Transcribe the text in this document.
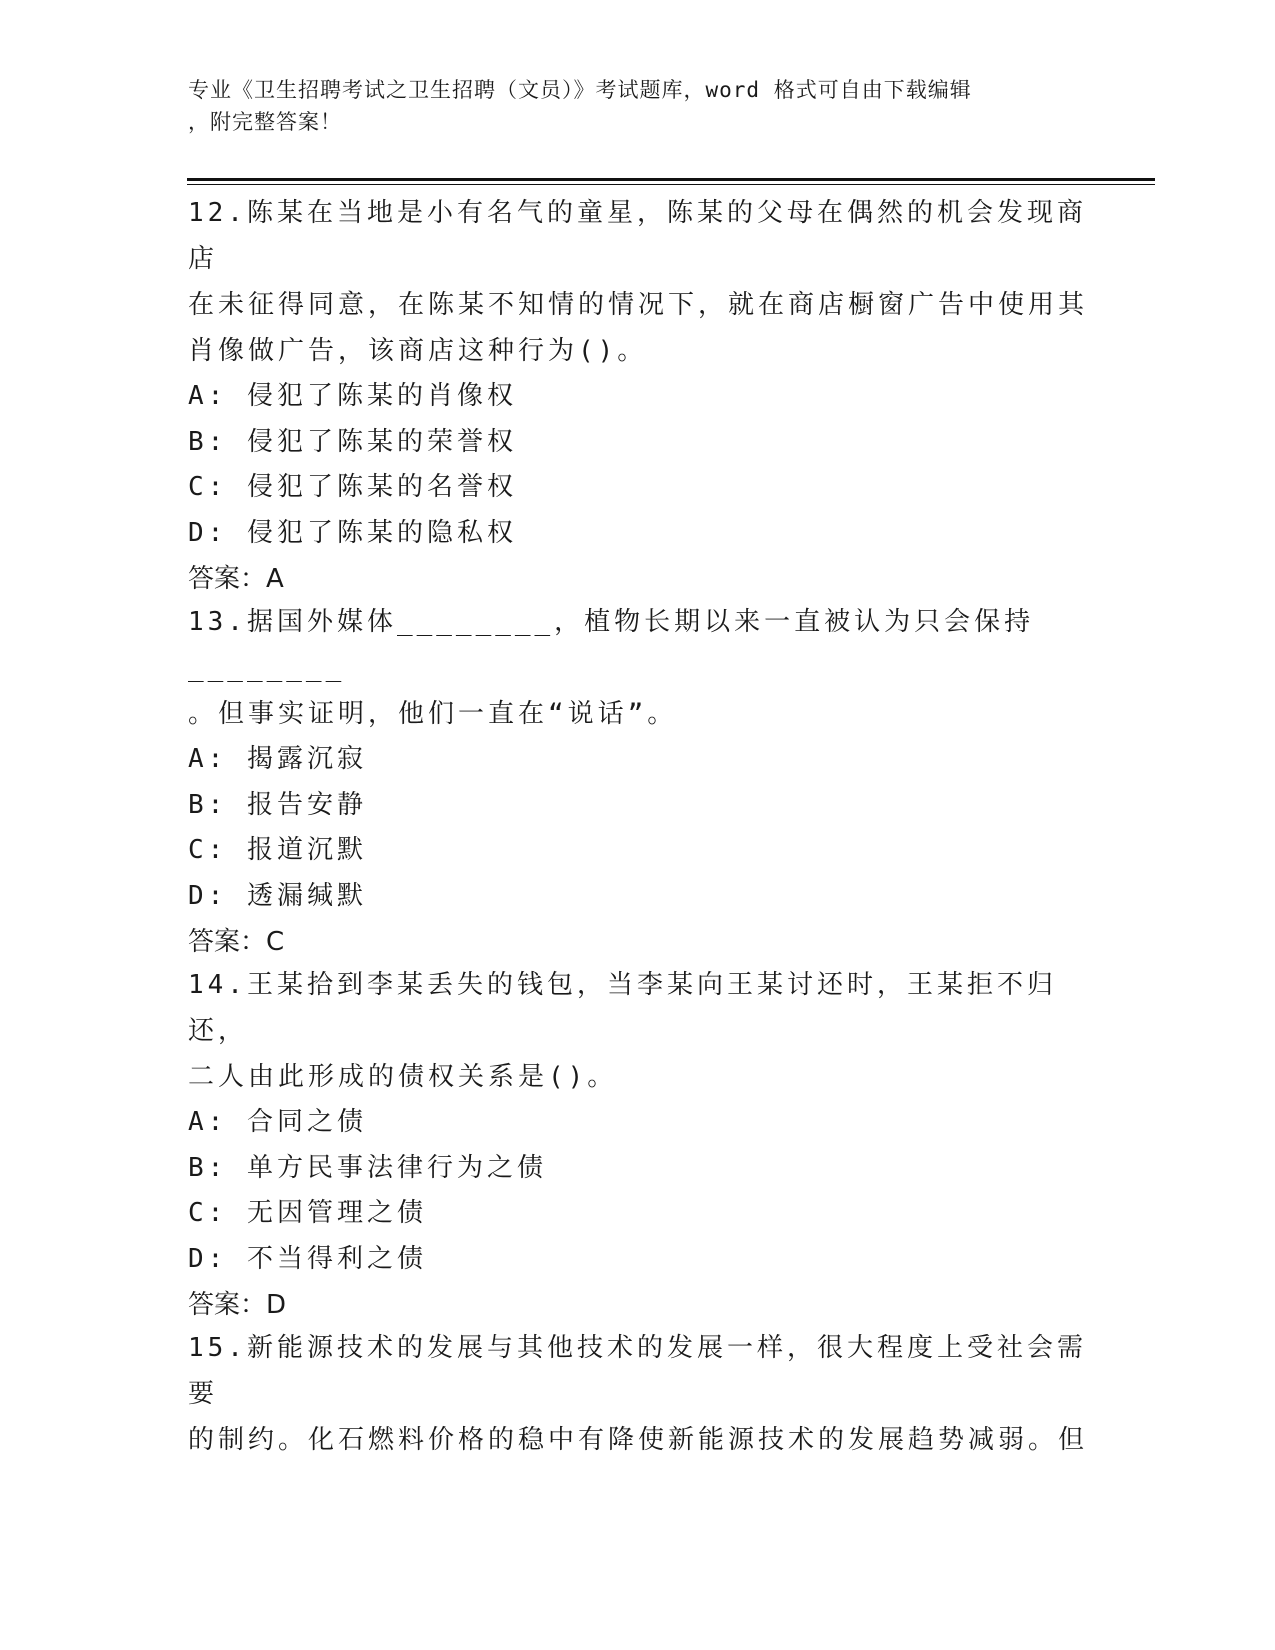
专业《卫生招聘考试之卫生招聘（文员）》考试题库，word 格式可自由下载编辑

，附完整答案！

12.陈某在当地是小有名气的童星，陈某的父母在偶然的机会发现商店

在未征得同意，在陈某不知情的情况下，就在商店橱窗广告中使用其

肖像做广告，该商店这种行为()。

A: 侵犯了陈某的肖像权

B: 侵犯了陈某的荣誉权

C: 侵犯了陈某的名誉权

D: 侵犯了陈某的隐私权

答案：A

13.据国外媒体________，植物长期以来一直被认为只会保持________

。但事实证明，他们一直在“说话”。

A: 揭露沉寂

B: 报告安静

C: 报道沉默

D: 透漏缄默

答案：C

14.王某拾到李某丢失的钱包，当李某向王某讨还时，王某拒不归还，

二人由此形成的债权关系是()。

A: 合同之债

B: 单方民事法律行为之债

C: 无因管理之债

D: 不当得利之债

答案：D

15.新能源技术的发展与其他技术的发展一样，很大程度上受社会需要

的制约。化石燃料价格的稳中有降使新能源技术的发展趋势减弱。但
